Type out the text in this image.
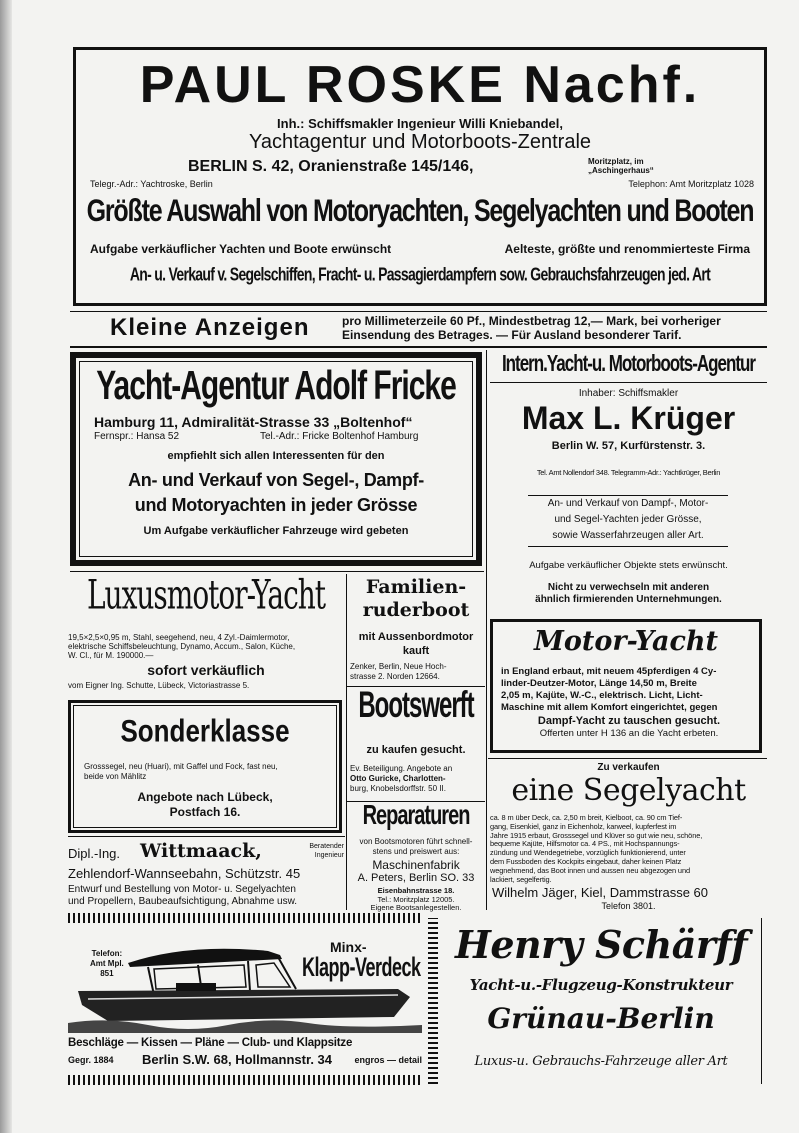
PAUL ROSKE Nachf.
Inh.: Schiffsmakler Ingenieur Willi Kniebandel,
Yachtagentur und Motorboots-Zentrale
BERLIN S. 42, Oranienstraße 145/146,	Moritzplatz, im
„Aschingerhaus“
Telegr.-Adr.: Yachtroske, Berlin	Telephon: Amt Moritzplatz 1028
Größte Auswahl von Motoryachten, Segelyachten und Booten
Aufgabe verkäuflicher Yachten und Boote erwünscht	Aelteste, größte und renommierteste Firma
An- u. Verkauf v. Segelschiffen, Fracht- u. Passagierdampfern sow. Gebrauchsfahrzeugen jed. Art
Kleine Anzeigen	pro Millimeterzeile 60 Pf., Mindestbetrag 12,— Mark, bei vorheriger
Einsendung des Betrages. — Für Ausland besonderer Tarif.
Yacht-Agentur Adolf Fricke
Hamburg 11, Admiralität-Strasse 33 „Boltenhof“
Fernspr.: Hansa 52	Tel.-Adr.: Fricke Boltenhof Hamburg
empfiehlt sich allen Interessenten für den
An- und Verkauf von Segel-, Dampf-
und Motoryachten in jeder Grösse
Um Aufgabe verkäuflicher Fahrzeuge wird gebeten
Intern.Yacht-u. Motorboots-Agentur
Inhaber: Schiffsmakler
Max L. Krüger
Berlin W. 57, Kurfürstenstr. 3.
Tel. Amt Nollendorf 348. Telegramm-Adr.: Yachtkrüger, Berlin
An- und Verkauf von Dampf-, Motor-
und Segel-Yachten jeder Grösse,
sowie Wasserfahrzeugen aller Art.
Aufgabe verkäuflicher Objekte stets erwünscht.
Nicht zu verwechseln mit anderen
ähnlich firmierenden Unternehmungen.
Luxusmotor-Yacht
19,5×2,5×0,95 m, Stahl, seegehend, neu, 4 Zyl.-Daimlermotor,
elektrische Schiffsbeleuchtung, Dynamo, Accum., Salon, Küche,
W. Cl., für M. 190000.—
sofort verkäuflich
vom Eigner Ing. Schutte, Lübeck, Victoriastrasse 5.
Familien-
ruderboot
mit Aussenbordmotor
kauft
Zenker, Berlin, Neue Hoch-
strasse 2. Norden 12664.
Sonderklasse
Grosssegel, neu (Huari), mit Gaffel und Fock, fast neu,
beide von Mählitz
Angebote nach Lübeck,
Postfach 16.
Dipl.-Ing. Wittmaack,	Beratender
Ingenieur
Zehlendorf-Wannseebahn, Schützstr. 45
Entwurf und Bestellung von Motor- u. Segelyachten
und Propellern, Baubeaufsichtigung, Abnahme usw.
Bootswerft
zu kaufen gesucht.
Ev. Beteiligung. Angebote an
Otto Guricke, Charlotten-
burg, Knobelsdorffstr. 50 II.
Reparaturen
von Bootsmotoren führt schnell-
stens und preiswert aus:
Maschinenfabrik
A. Peters, Berlin SO. 33
Eisenbahnstrasse 18.
Tel.: Moritzplatz 12005.
Eigene Bootsanlegestellen.
Motor-Yacht
in England erbaut, mit neuem 45pferdigen 4 Cy-
linder-Deutzer-Motor, Länge 14,50 m, Breite
2,05 m, Kajüte, W.-C., elektrisch. Licht, Licht-
Maschine mit allem Komfort eingerichtet, gegen
Dampf-Yacht zu tauschen gesucht.
Offerten unter H 136 an die Yacht erbeten.
Zu verkaufen
eine Segelyacht
ca. 8 m über Deck, ca. 2,50 m breit, Kielboot, ca. 90 cm Tief-
gang, Eisenkiel, ganz in Eichenholz, karweel, kupferfest im
Jahre 1915 erbaut, Grosssegel und Klüver so gut wie neu, schöne,
bequeme Kajüte, Hilfsmotor ca. 4 PS., mit Hochspannungs-
zündung und Wendegetriebe, vorzüglich funktionierend, unter
dem Fussboden des Kockpits eingebaut, daher keinen Platz
wegnehmend, das Boot innen und aussen neu abgezogen und
lackiert, segelfertig.
Wilhelm Jäger, Kiel, Dammstrasse 60
Telefon 3801.
Telefon:
Amt Mpl.
851
Minx-
Klapp-Verdeck
Beschläge — Kissen — Pläne — Club- und Klappsitze
Gegr. 1884 Berlin S.W. 68, Hollmannstr. 34 engros — detail
Henry Schärff
Yacht-u.-Flugzeug-Konstrukteur
Grünau-Berlin
Luxus-u. Gebrauchs-Fahrzeuge aller Art
